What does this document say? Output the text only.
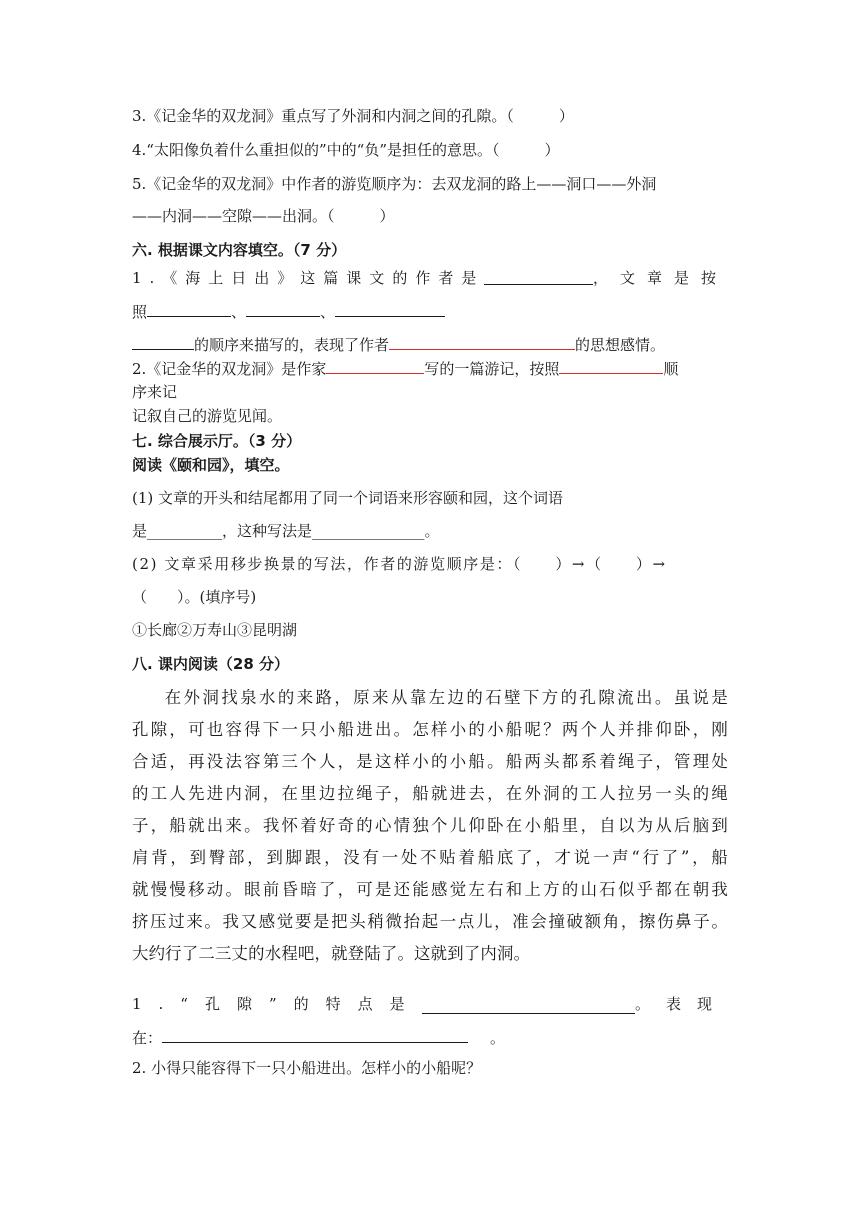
3.《记金华的双龙洞》重点写了外洞和内洞之间的孔隙。（　　　）
4.“太阳像负着什么重担似的”中的“负”是担任的意思。（　　　）
5.《记金华的双龙洞》中作者的游览顺序为：去双龙洞的路上——洞口——外洞
——内洞——空隙——出洞。（　　　）
六. 根据课文内容填空。（7 分）
1.《海上日出》这篇课文的作者是	，文章是按
照	、	、
的顺序来描写的，表现了作者	的思想感情。
2.《记金华的双龙洞》是作家	写的一篇游记，按照	顺
序来记
记叙自己的游览见闻。
七. 综合展示厅。（3 分）
阅读《颐和园》，填空。
(1) 文章的开头和结尾都用了同一个词语来形容颐和园，这个词语
是__________，这种写法是_______________。
(2) 文章采用移步换景的写法，作者的游览顺序是：（　　）→（　　）→
（　　）。(填序号)
①长廊②万寿山③昆明湖
八. 课内阅读（28 分）

在外洞找泉水的来路，原来从靠左边的石壁下方的孔隙流出。虽说是

孔隙，可也容得下一只小船进出。怎样小的小船呢？两个人并排仰卧，刚

合适，再没法容第三个人，是这样小的小船。船两头都系着绳子，管理处

的工人先进内洞，在里边拉绳子，船就进去，在外洞的工人拉另一头的绳

子，船就出来。我怀着好奇的心情独个儿仰卧在小船里，自以为从后脑到

肩背，到臀部，到脚跟，没有一处不贴着船底了，才说一声“行了”，船

就慢慢移动。眼前昏暗了，可是还能感觉左右和上方的山石似乎都在朝我

挤压过来。我又感觉要是把头稍微抬起一点儿，准会撞破额角，擦伤鼻子。

大约行了二三丈的水程吧，就登陆了。这就到了内洞。

1.“孔隙”的特点是	。表现
在：	。
2. 小得只能容得下一只小船进出。怎样小的小船呢？
